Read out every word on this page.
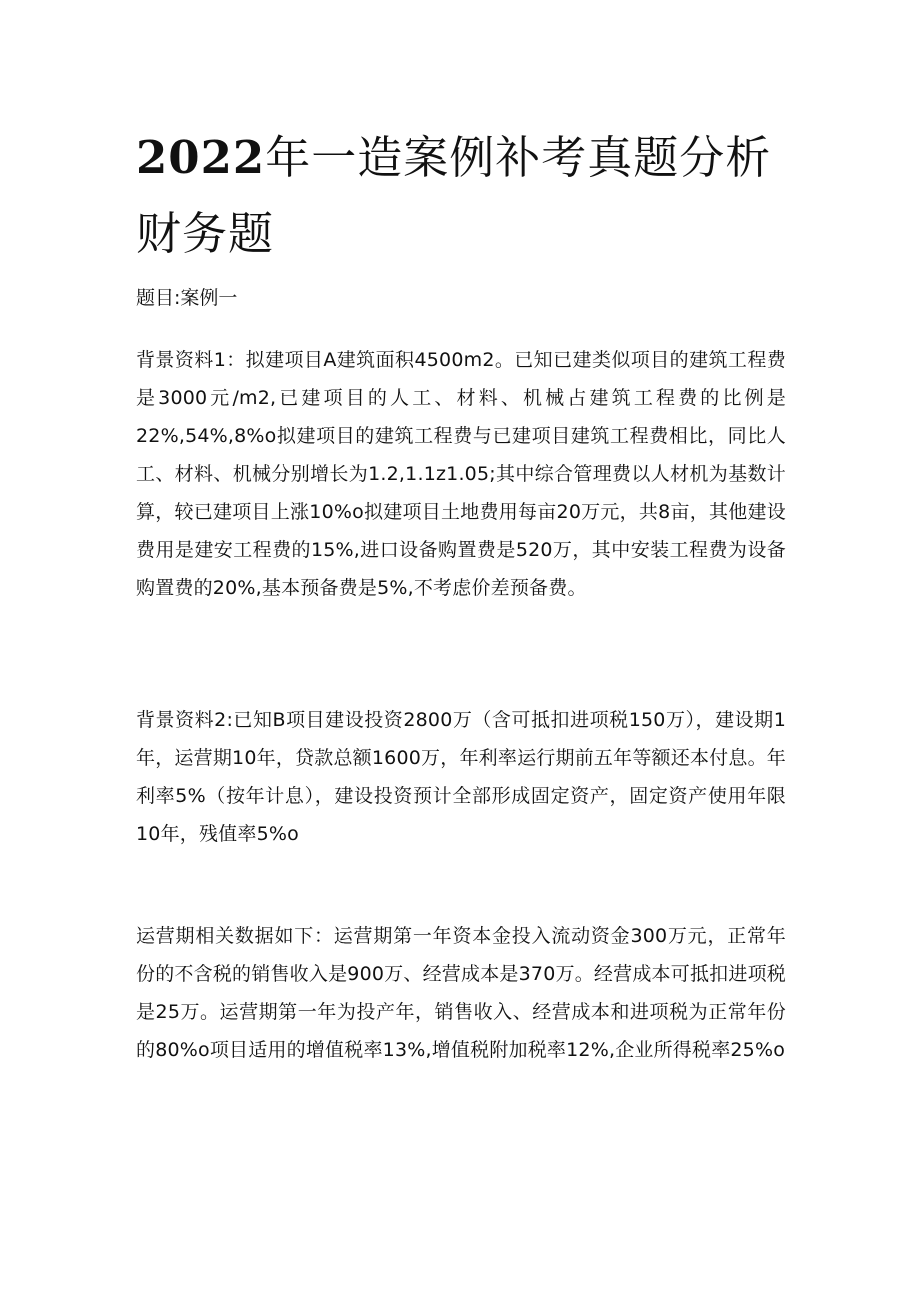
2022年一造案例补考真题分析财务题

题目:案例一

背景资料1：拟建项目A建筑面积4500m2。已知已建类似项目的建筑工程费是3000元/m2,已建项目的人工、材料、机械占建筑工程费的比例是22%,54%,8%o拟建项目的建筑工程费与已建项目建筑工程费相比，同比人工、材料、机械分别增长为1.2,1.1z1.05;其中综合管理费以人材机为基数计算，较已建项目上涨10%o拟建项目土地费用每亩20万元，共8亩，其他建设费用是建安工程费的15%,进口设备购置费是520万，其中安装工程费为设备购置费的20%,基本预备费是5%,不考虑价差预备费。

背景资料2:已知B项目建设投资2800万（含可抵扣进项税150万），建设期1年，运营期10年，贷款总额1600万，年利率运行期前五年等额还本付息。年利率5%（按年计息），建设投资预计全部形成固定资产，固定资产使用年限10年，残值率5%o

运营期相关数据如下：运营期第一年资本金投入流动资金300万元，正常年份的不含税的销售收入是900万、经营成本是370万。经营成本可抵扣进项税是25万。运营期第一年为投产年，销售收入、经营成本和进项税为正常年份的80%o项目适用的增值税率13%,增值税附加税率12%,企业所得税率25%o
